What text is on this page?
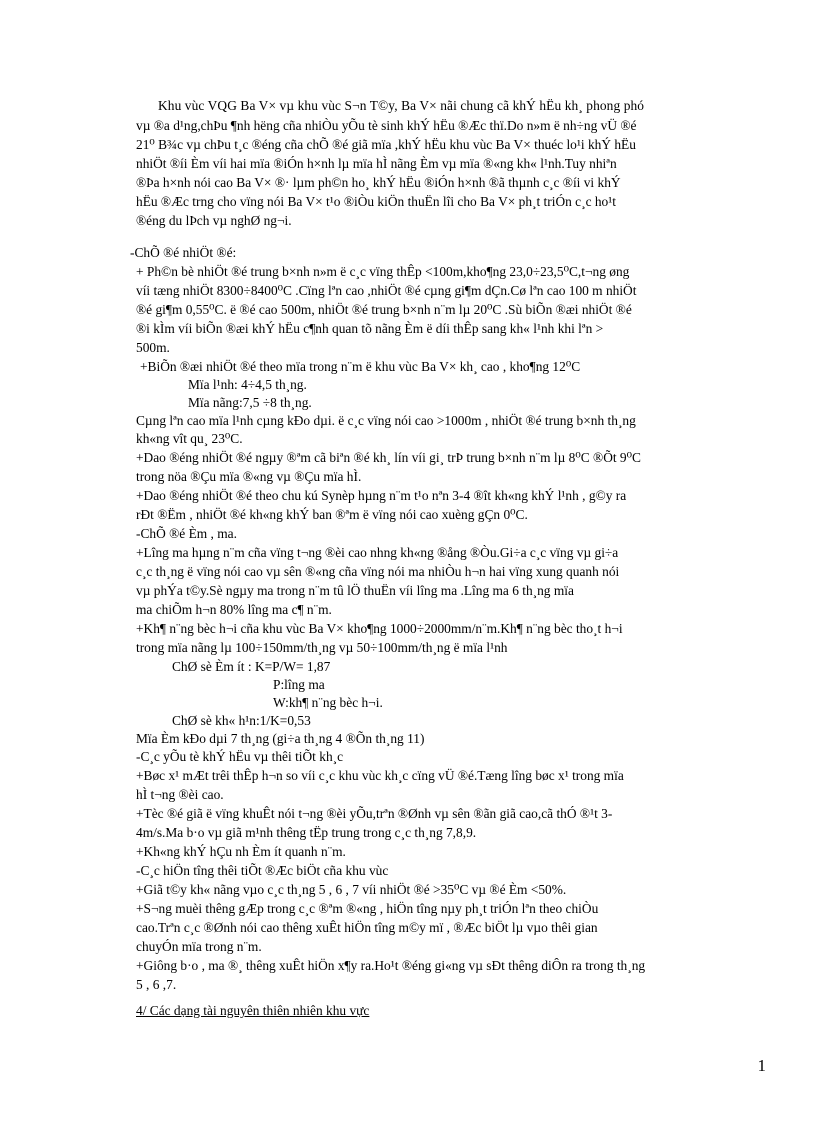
Khu vùc VQG Ba V× vµ khu vùc S¬n T©y, Ba V× nãi chung cã khÝ hËu kh¸ phong phó
vµ ®a d¹ng,chÞu ¶nh hëng cña nhiÒu yÕu tè sinh khÝ hËu ®Æc thï.Do n»m ë nh÷ng vÜ ®é
21⁰ B¾c vµ chÞu t¸c ®éng cña chÕ ®é giã mïa ,khÝ hËu khu vùc Ba V× thuéc lo¹i khÝ hËu
nhiÖt ®íi Èm víi hai mïa ®iÓn h×nh lµ mïa hÌ nãng Èm vµ mïa ®«ng kh« l¹nh.Tuy nhiªn
®Þa h×nh nói cao Ba V× ®· lµm ph©n ho¸ khÝ hËu ®iÓn h×nh ®ã thµnh c¸c ®íi vi khÝ
hËu ®Æc trng cho vïng nói Ba V× t¹o ®iÒu kiÖn thuËn lîi cho Ba V× ph¸t triÓn c¸c ho¹t
®éng du lÞch vµ nghØ ng¬i.
-ChÕ ®é nhiÖt ®é:
+ Ph©n bè nhiÖt ®é trung b×nh n»m ë c¸c vïng thÊp <100m,kho¶ng 23,0÷23,5⁰C,t¬ng øng
víi tæng nhiÖt 8300÷8400⁰C .Cïng lªn cao ,nhiÖt ®é cµng gi¶m dÇn.Cø lªn cao 100 m nhiÖt
®é gi¶m 0,55⁰C. ë ®é cao 500m, nhiÖt ®é trung b×nh n¨m lµ 20⁰C .Sù biÕn ®æi nhiÖt ®é
®i kÌm víi biÕn ®æi khÝ hËu c¶nh quan tõ nãng Èm ë díi thÊp sang kh« l¹nh khi lªn >
500m.
+BiÕn ®æi nhiÖt ®é theo mïa trong n¨m ë khu vùc Ba V× kh¸ cao , kho¶ng 12⁰C
Mïa l¹nh: 4÷4,5 th¸ng.
Mïa nãng:7,5 ÷8 th¸ng.
Cµng lªn cao mïa l¹nh cµng kÐo dµi. ë c¸c vïng nói cao >1000m , nhiÖt ®é trung b×nh th¸ng
kh«ng vît qu¸ 23⁰C.
+Dao ®éng nhiÖt ®é ngµy ®ªm cã biªn ®é kh¸ lín víi gi¸ trÞ trung b×nh n¨m lµ 8⁰C ®Õt 9⁰C
trong nöa ®Çu mïa ®«ng vµ ®Çu mïa hÌ.
+Dao ®éng nhiÖt ®é theo chu kú Synèp hµng n¨m t¹o nªn 3-4 ®ît kh«ng khÝ l¹nh , g©y ra
rÐt ®Ëm , nhiÖt ®é kh«ng khÝ ban ®ªm ë vïng nói cao xuèng gÇn 0⁰C.
-ChÕ ®é Èm , ma.
+Lîng ma hµng n¨m cña vïng t¬ng ®èi cao nhng kh«ng ®ång ®Òu.Gi÷a c¸c vïng vµ gi÷a
c¸c th¸ng ë vïng nói cao vµ sên ®«ng cña vïng nói ma nhiÒu h¬n hai vïng xung quanh nói
vµ phÝa t©y.Sè ngµy ma trong n¨m tû lÖ thuËn víi lîng ma .Lîng ma 6 th¸ng mïa
ma chiÕm h¬n 80% lîng ma c¶ n¨m.
+Kh¶ n¨ng bèc h¬i cña khu vùc Ba V× kho¶ng 1000÷2000mm/n¨m.Kh¶ n¨ng bèc tho¸t h¬i
trong mïa nãng lµ 100÷150mm/th¸ng vµ 50÷100mm/th¸ng ë mïa l¹nh
ChØ sè Èm ít : K=P/W= 1,87
P:lîng ma
W:kh¶ n¨ng bèc h¬i.
ChØ sè kh« h¹n:1/K=0,53
Mïa Èm kÐo dµi 7 th¸ng (gi÷a th¸ng 4 ®Õn th¸ng 11)
-C¸c yÕu tè khÝ hËu vµ thêi tiÕt kh¸c
+Bøc x¹ mÆt trêi thÊp h¬n so víi c¸c khu vùc kh¸c cïng vÜ ®é.Tæng lîng bøc x¹ trong mïa
hÌ t¬ng ®èi cao.
+Tèc ®é giã ë vïng khuÊt nói t¬ng ®èi yÕu,trªn ®Ønh vµ sên ®ãn giã cao,cã thÓ ®¹t 3-
4m/s.Ma b·o vµ giã m¹nh thêng tËp trung trong c¸c th¸ng 7,8,9.
+Kh«ng khÝ hÇu nh Èm ít quanh n¨m.
-C¸c hiÖn tîng thêi tiÕt ®Æc biÖt cña khu vùc
+Giã t©y kh« nãng vµo c¸c th¸ng 5 , 6 , 7 víi nhiÖt ®é >35⁰C vµ ®é Èm <50%.
+S¬ng muèi thêng gÆp trong c¸c ®ªm ®«ng , hiÖn tîng nµy ph¸t triÓn lªn theo chiÒu
cao.Trªn c¸c ®Ønh nói cao thêng xuÊt hiÖn tîng m©y mï , ®Æc biÖt lµ vµo thêi gian
chuyÓn mïa trong n¨m.
+Giông b·o , ma ®¸ thêng xuÊt hiÖn x¶y ra.Ho¹t ®éng gi«ng vµ sÐt thêng diÔn ra trong th¸ng
5 , 6 ,7.
4/ Các dạng tài nguyên thiên nhiên khu vực
1
